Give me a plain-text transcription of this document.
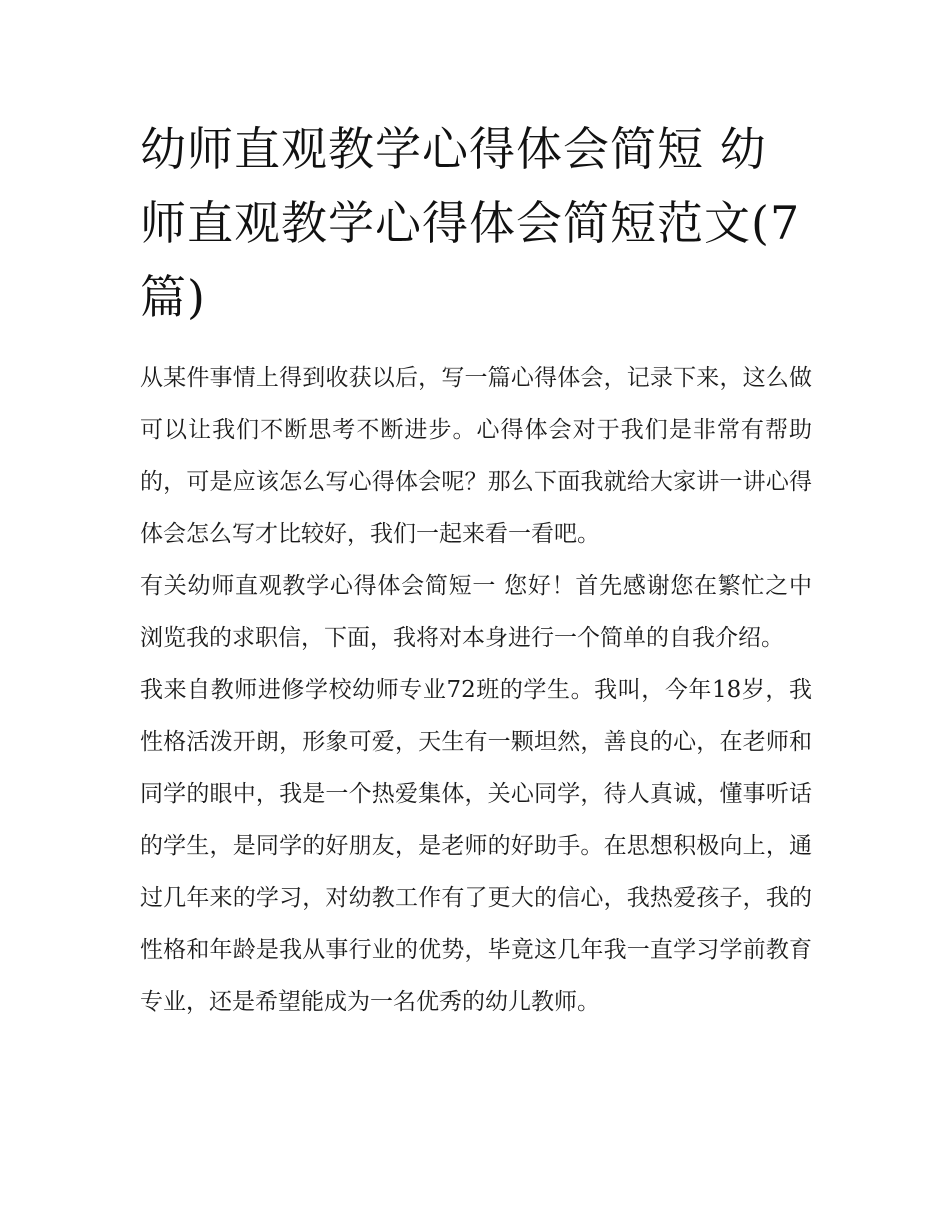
幼师直观教学心得体会简短 幼师直观教学心得体会简短范文(7篇)

从某件事情上得到收获以后，写一篇心得体会，记录下来，这么做可以让我们不断思考不断进步。心得体会对于我们是非常有帮助的，可是应该怎么写心得体会呢？那么下面我就给大家讲一讲心得体会怎么写才比较好，我们一起来看一看吧。

有关幼师直观教学心得体会简短一 您好！首先感谢您在繁忙之中浏览我的求职信，下面，我将对本身进行一个简单的自我介绍。

我来自教师进修学校幼师专业72班的学生。我叫，今年18岁，我性格活泼开朗，形象可爱，天生有一颗坦然，善良的心，在老师和同学的眼中，我是一个热爱集体，关心同学，待人真诚，懂事听话的学生，是同学的好朋友，是老师的好助手。在思想积极向上，通过几年来的学习，对幼教工作有了更大的信心，我热爱孩子，我的性格和年龄是我从事行业的优势，毕竟这几年我一直学习学前教育专业，还是希望能成为一名优秀的幼儿教师。
